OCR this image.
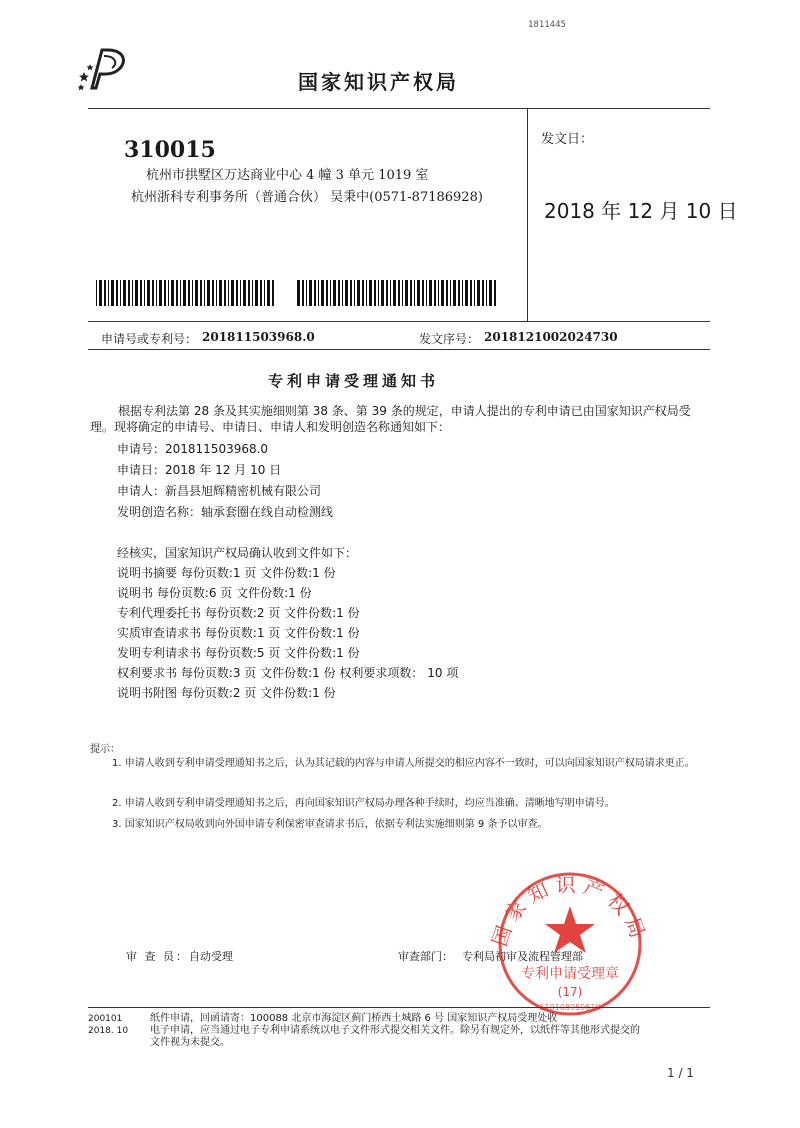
1811445
国家知识产权局
310015
杭州市拱墅区万达商业中心 4 幢 3 单元 1019 室
杭州浙科专利事务所（普通合伙） 吴秉中(0571-87186928)
发文日：
2018 年 12 月 10 日
申请号或专利号： 201811503968.0	发文序号： 2018121002024730
专利申请受理通知书
根据专利法第 28 条及其实施细则第 38 条、第 39 条的规定，申请人提出的专利申请已由国家知识产权局受理。现将确定的申请号、申请日、申请人和发明创造名称通知如下：
申请号：201811503968.0
申请日：2018 年 12 月 10 日
申请人：新昌县旭辉精密机械有限公司
发明创造名称：轴承套圈在线自动检测线
经核实，国家知识产权局确认收到文件如下：
说明书摘要 每份页数:1 页 文件份数:1 份
说明书 每份页数:6 页 文件份数:1 份
专利代理委托书 每份页数:2 页 文件份数:1 份
实质审查请求书 每份页数:1 页 文件份数:1 份
发明专利请求书 每份页数:5 页 文件份数:1 份
权利要求书 每份页数:3 页 文件份数:1 份 权利要求项数： 10 项
说明书附图 每份页数:2 页 文件份数:1 份
提示：
1. 申请人收到专利申请受理通知书之后，认为其记载的内容与申请人所提交的相应内容不一致时，可以向国家知识产权局请求更正。
2. 申请人收到专利申请受理通知书之后，再向国家知识产权局办理各种手续时，均应当准确、清晰地写明申请号。
3. 国家知识产权局收到向外国申请专利保密审查请求书后，依据专利法实施细则第 9 条予以审查。
审 查 员： 自动受理	审查部门： 专利局初审及流程管理部
国家知识产权局
专利申请受理章
(17)
200101
2018. 10
纸件申请，回函请寄：100088 北京市海淀区蓟门桥西土城路 6 号 国家知识产权局受理处收
电子申请，应当通过电子专利申请系统以电子文件形式提交相关文件。除另有规定外，以纸件等其他形式提交的
文件视为未提交。
1 / 1
